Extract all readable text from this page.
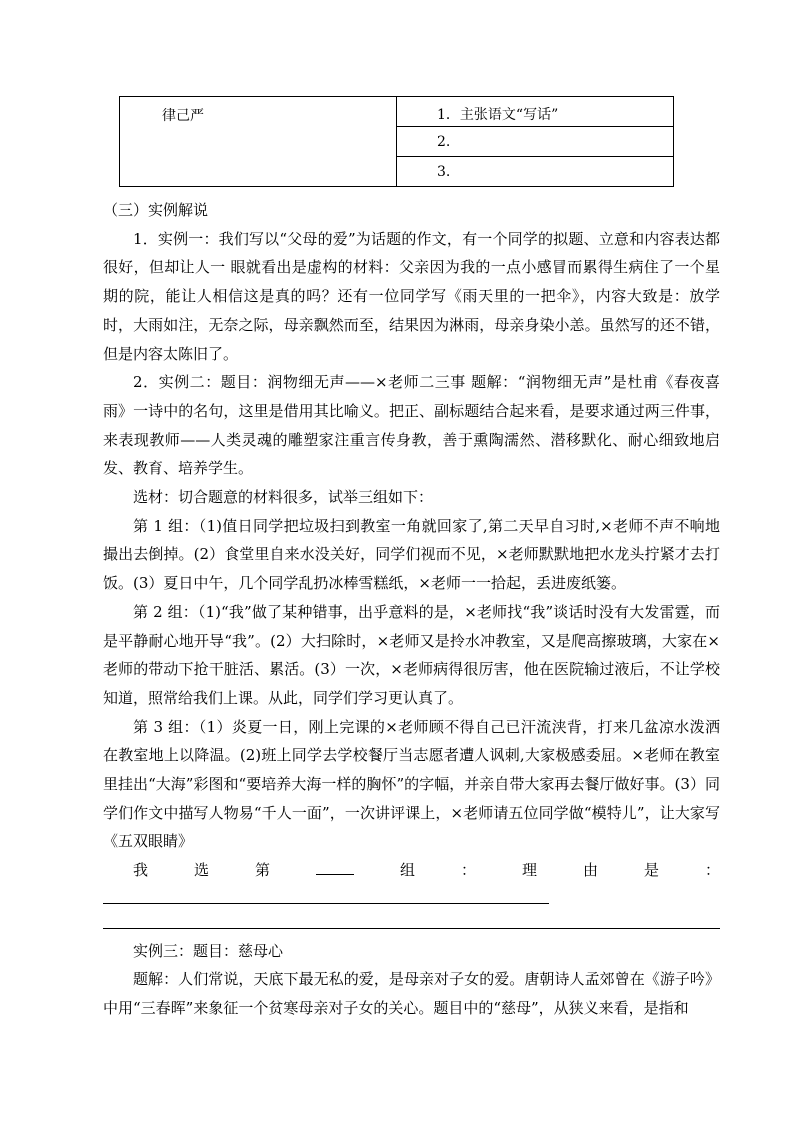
律己严	1．主张语文“写话”

2.

3.

（三）实例解说

1．实例一：我们写以“父母的爱”为话题的作文，有一个同学的拟题、立意和内容表达都很好，但却让人一 眼就看出是虚构的材料：父亲因为我的一点小感冒而累得生病住了一个星期的院，能让人相信这是真的吗？还有一位同学写《雨天里的一把伞》，内容大致是：放学时，大雨如注，无奈之际，母亲飘然而至，结果因为淋雨，母亲身染小恙。虽然写的还不错，但是内容太陈旧了。

2．实例二：题目：润物细无声——×老师二三事 题解：“润物细无声”是杜甫《春夜喜雨》一诗中的名句，这里是借用其比喻义。把正、副标题结合起来看，是要求通过两三件事，来表现教师——人类灵魂的雕塑家注重言传身教，善于熏陶濡然、潜移默化、耐心细致地启发、教育、培养学生。

选材：切合题意的材料很多，试举三组如下：

第 1 组：（1)值日同学把垃圾扫到教室一角就回家了,第二天早自习时,×老师不声不响地撮出去倒掉。(2）食堂里自来水没关好，同学们视而不见，×老师默默地把水龙头拧紧才去打饭。(3）夏日中午，几个同学乱扔冰棒雪糕纸，×老师一一拾起，丢进废纸篓。

第 2 组：（1)“我”做了某种错事，出乎意料的是，×老师找“我”谈话时没有大发雷霆，而是平静耐心地开导“我”。(2）大扫除时，×老师又是拎水冲教室，又是爬高擦玻璃，大家在×老师的带动下抢干脏活、累活。(3）一次，×老师病得很厉害，他在医院输过液后，不让学校知道，照常给我们上课。从此，同学们学习更认真了。

第 3 组：（1）炎夏一日，刚上完课的×老师顾不得自己已汗流浃背，打来几盆凉水泼洒在教室地上以降温。(2)班上同学去学校餐厅当志愿者遭人讽刺,大家极感委屈。×老师在教室里挂出“大海”彩图和“要培养大海一样的胸怀”的字幅，并亲自带大家再去餐厅做好事。(3）同学们作文中描写人物易“千人一面”，一次讲评课上，×老师请五位同学做“模特儿”，让大家写《五双眼睛》

我选第	组：理由是：

实例三：题目：慈母心

题解：人们常说，天底下最无私的爱，是母亲对子女的爱。唐朝诗人孟郊曾在《游子吟》中用“三春晖”来象征一个贫寒母亲对子女的关心。题目中的“慈母”，从狭义来看，是指和
